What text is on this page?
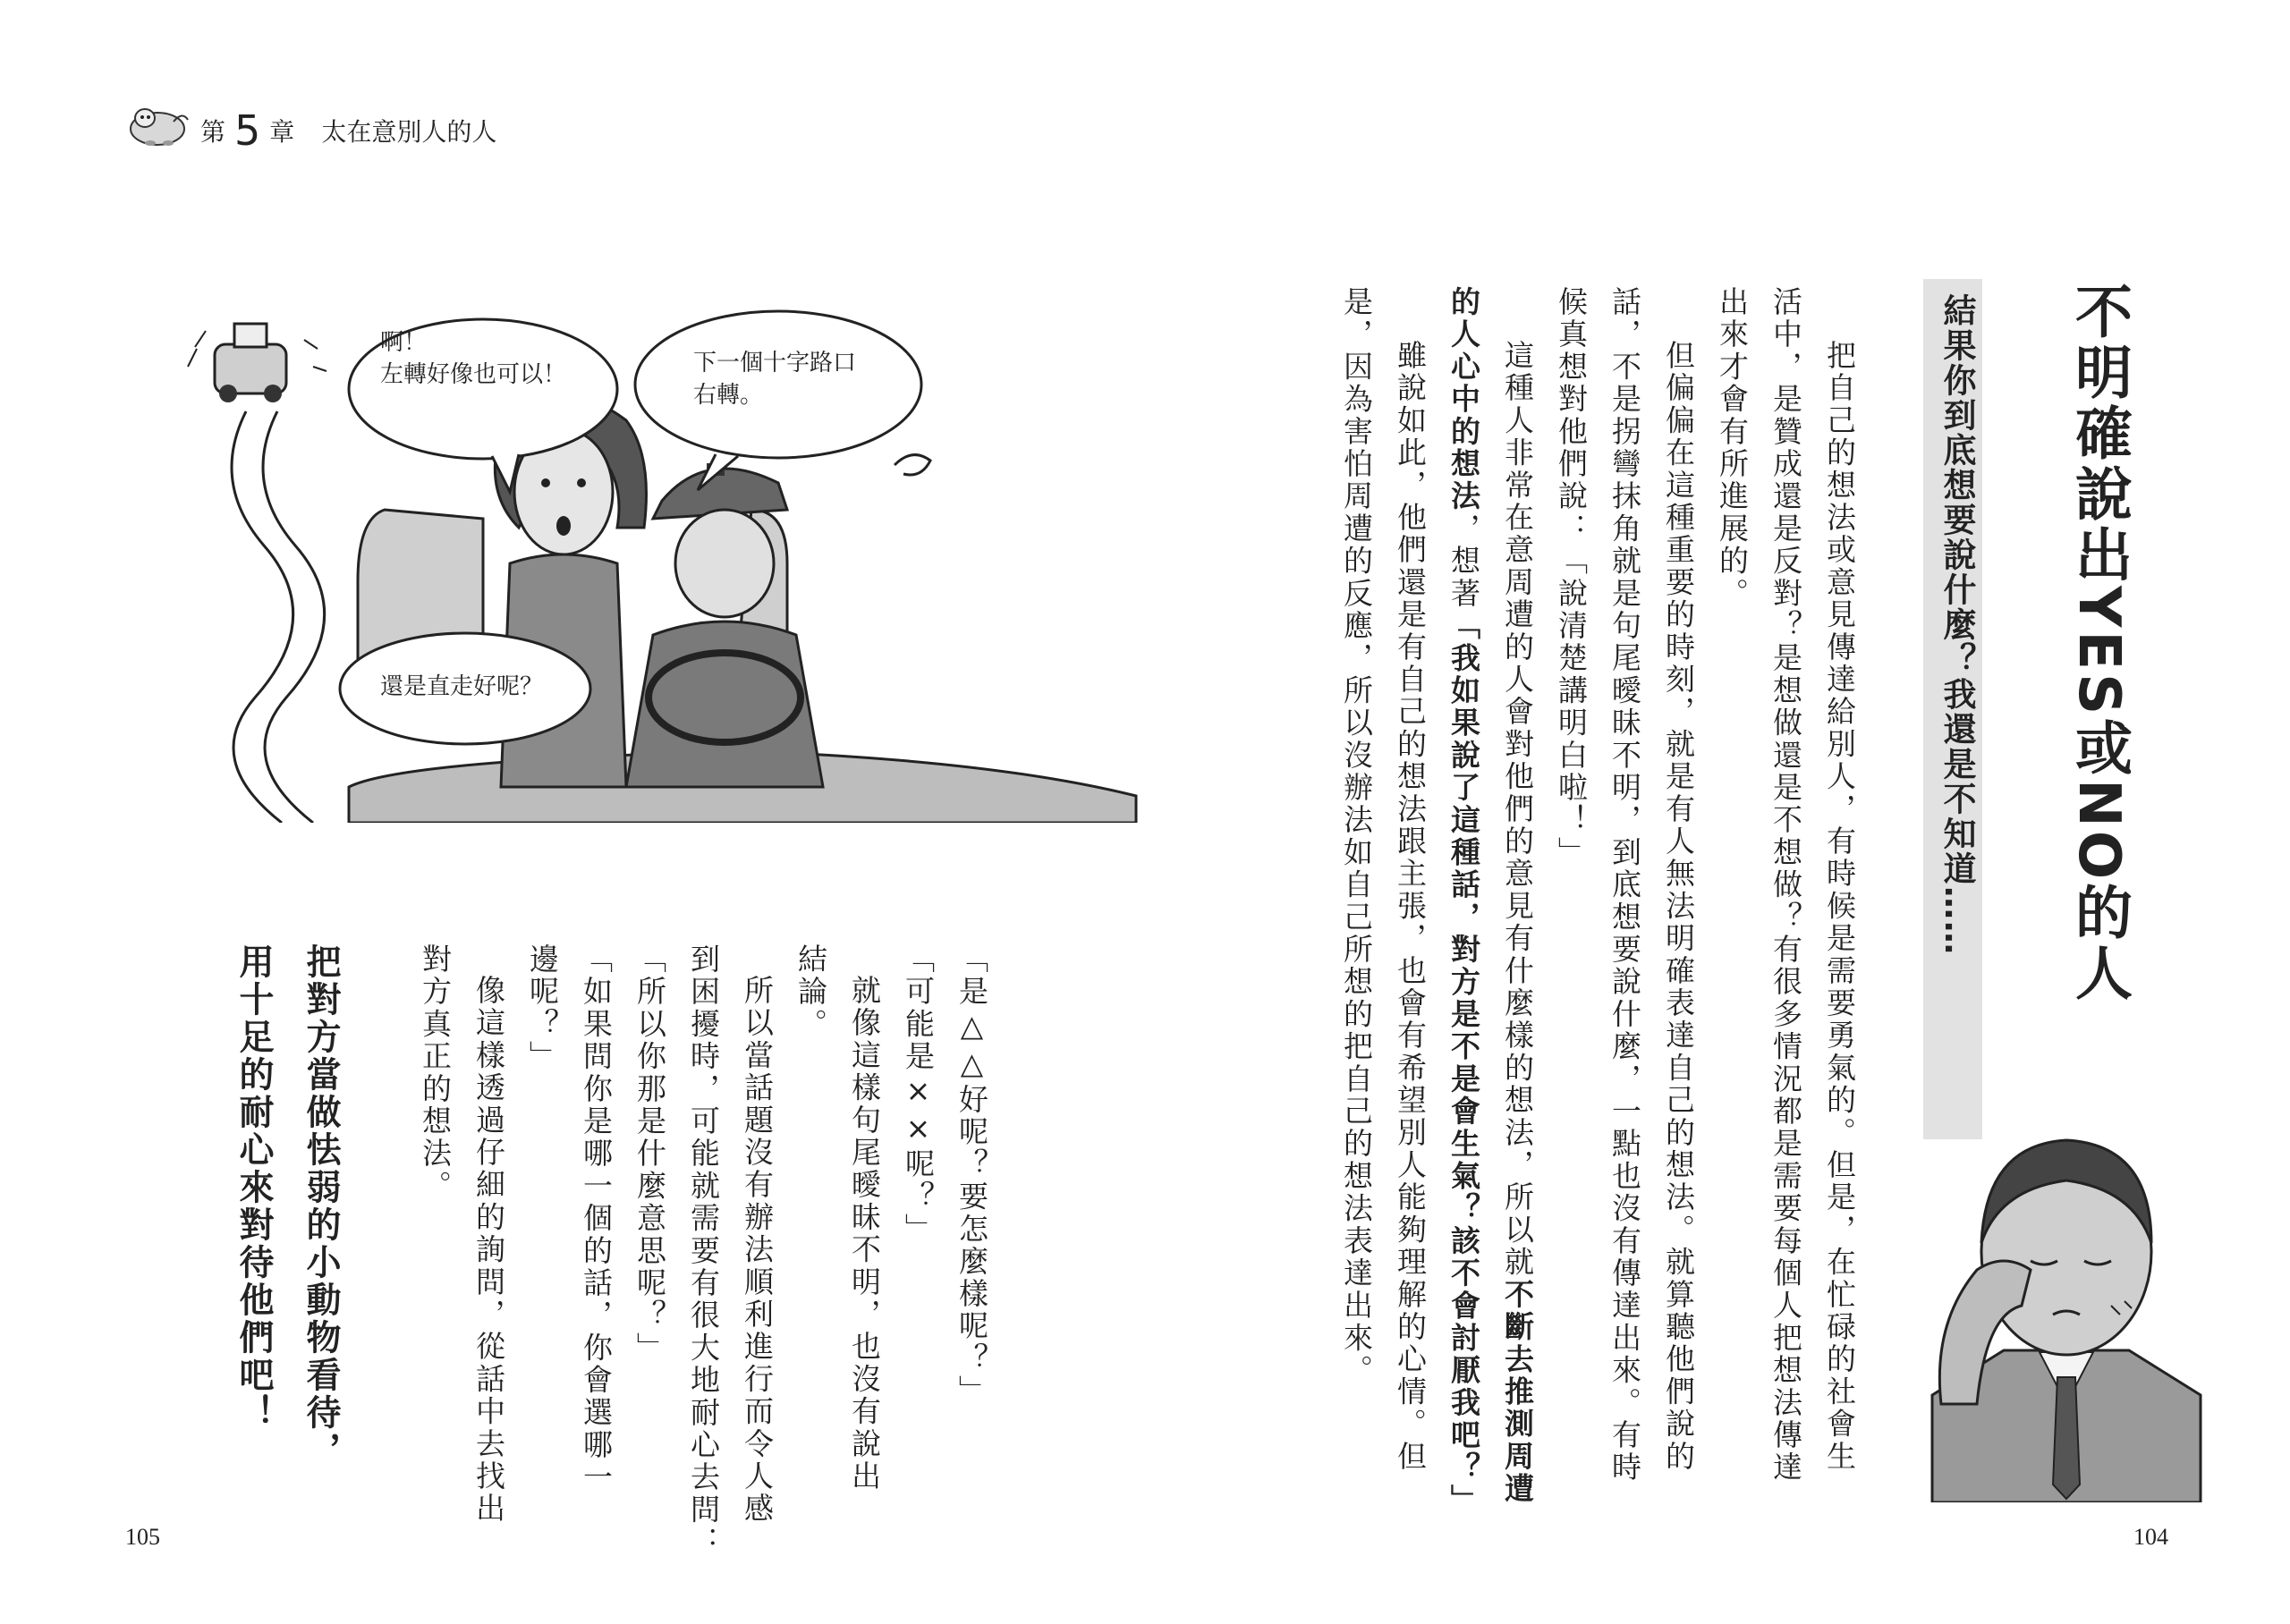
第 5 章 太在意別人的人
不明確說出YES或NO的人
結果你到底想要說什麼？我還是不知道……
把自己的想法或意見傳達給別人，有時候是需要勇氣的。但是，在忙碌的社會生
活中，是贊成還是反對？是想做還是不想做？有很多情況都是需要每個人把想法傳達
出來才會有所進展的。
但偏偏在這種重要的時刻，就是有人無法明確表達自己的想法。就算聽他們說的
話，不是拐彎抹角就是句尾曖昧不明，到底想要說什麼，一點也沒有傳達出來。有時
候真想對他們說：「說清楚講明白啦！」
這種人非常在意周遭的人會對他們的意見有什麼樣的想法，所以就不斷去推測周遭
的人心中的想法，想著「我如果說了這種話，對方是不是會生氣？該不會討厭我吧？」
雖說如此，他們還是有自己的想法跟主張，也會有希望別人能夠理解的心情。但
是，因為害怕周遭的反應，所以沒辦法如自己所想的把自己的想法表達出來。
啊！
左轉好像也可以！	下一個十字路口
右轉。
還是直走好呢？
「是△△好呢？要怎麼樣呢？」
「可能是××呢？」
就像這樣句尾曖昧不明，也沒有說出
結論。
所以當話題沒有辦法順利進行而令人感
到困擾時，可能就需要有很大地耐心去問：
「所以你那是什麼意思呢？」
「如果問你是哪一個的話，你會選哪一
邊呢？」
像這樣透過仔細的詢問，從話中去找出
對方真正的想法。
把對方當做怯弱的小動物看待，
用十足的耐心來對待他們吧！
105	104
